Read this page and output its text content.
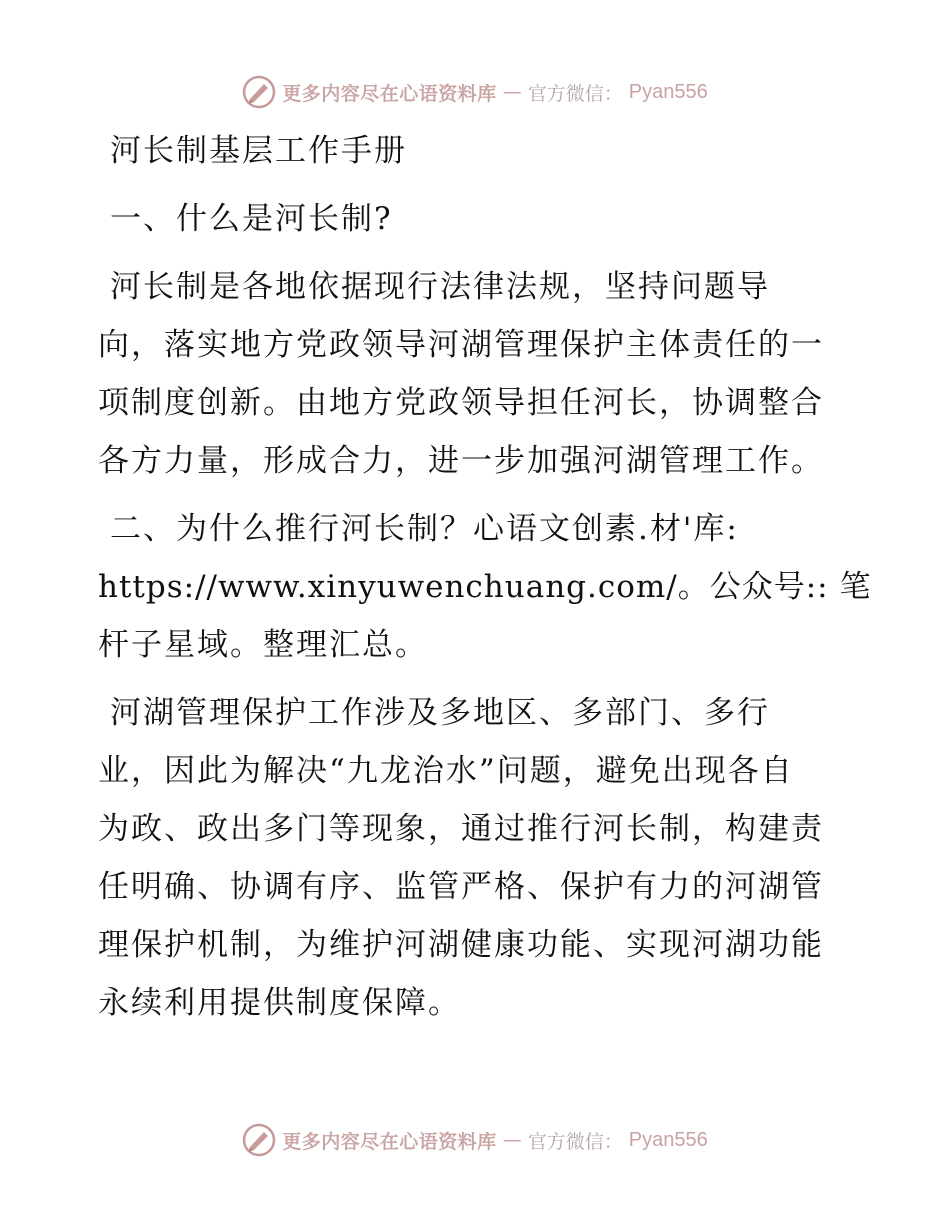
更多内容尽在心语资料库 — 官方微信： Pyan556
河长制基层工作手册
一、什么是河长制?
河长制是各地依据现行法律法规，坚持问题导
向，落实地方党政领导河湖管理保护主体责任的一
项制度创新。由地方党政领导担任河长，协调整合
各方力量，形成合力，进一步加强河湖管理工作。
二、为什么推行河长制？心语文创素.材'库:
https://www.xinyuwenchuang.com/。公众号:: 笔
杆子星域。整理汇总。
河湖管理保护工作涉及多地区、多部门、多行
业，因此为解决“九龙治水”问题，避免出现各自
为政、政出多门等现象，通过推行河长制，构建责
任明确、协调有序、监管严格、保护有力的河湖管
理保护机制，为维护河湖健康功能、实现河湖功能
永续利用提供制度保障。
更多内容尽在心语资料库 — 官方微信： Pyan556
